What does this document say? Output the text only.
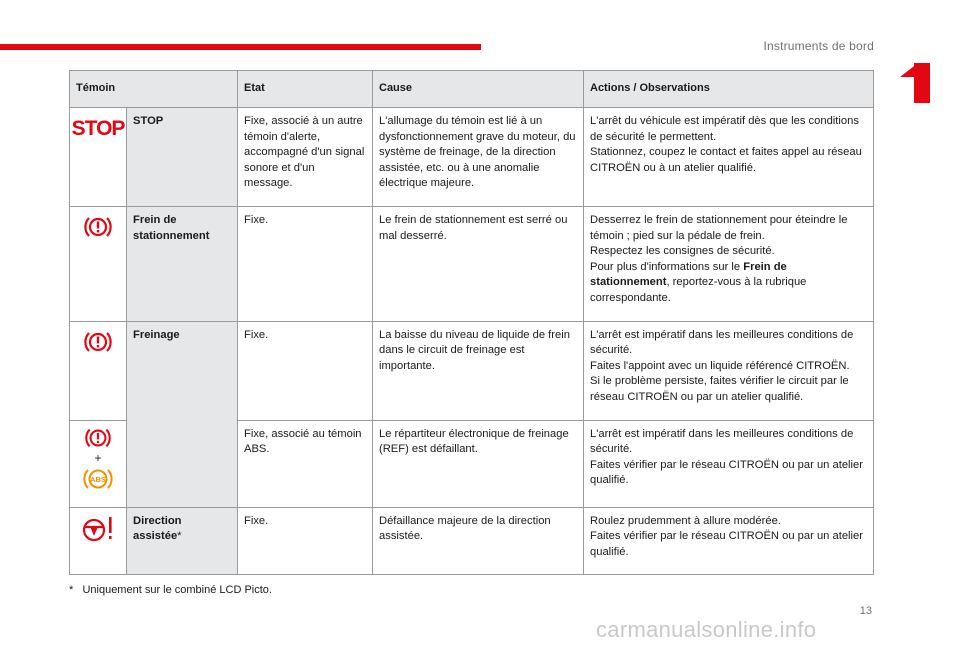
Instruments de bord
Témoin		Etat	Cause	Actions / Observations

STOP	STOP	Fixe, associé à un autre témoin d'alerte, accompagné d'un signal sonore et d'un message.	L'allumage du témoin est lié à un dysfonctionnement grave du moteur, du système de freinage, de la direction assistée, etc. ou à une anomalie électrique majeure.	L'arrêt du véhicule est impératif dès que les conditions de sécurité le permettent.
Stationnez, coupez le contact et faites appel au réseau CITROËN ou à un atelier qualifié.

	Frein de stationnement	Fixe.	Le frein de stationnement est serré ou mal desserré.	Desserrez le frein de stationnement pour éteindre le témoin ; pied sur la pédale de frein.
Respectez les consignes de sécurité.
Pour plus d'informations sur le Frein de stationnement, reportez-vous à la rubrique correspondante.

	Freinage	Fixe.	La baisse du niveau de liquide de frein dans le circuit de freinage est importante.	L'arrêt est impératif dans les meilleures conditions de sécurité.
Faites l'appoint avec un liquide référencé CITROËN.
Si le problème persiste, faites vérifier le circuit par le réseau CITROËN ou par un atelier qualifié.

+
ABS		Fixe, associé au témoin ABS.	Le répartiteur électronique de freinage (REF) est défaillant.	L'arrêt est impératif dans les meilleures conditions de sécurité.
Faites vérifier par le réseau CITROËN ou par un atelier qualifié.

	Direction assistée*	Fixe.	Défaillance majeure de la direction assistée.	Roulez prudemment à allure modérée.
Faites vérifier par le réseau CITROËN ou par un atelier qualifié.
* Uniquement sur le combiné LCD Picto.
13
carmanualsonline.info
